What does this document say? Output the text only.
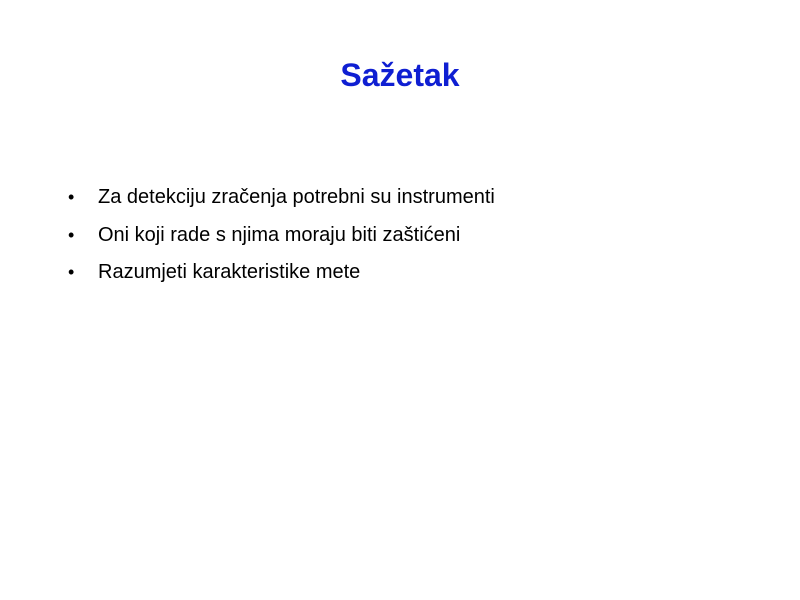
Sažetak
•	Za detekciju zračenja potrebni su instrumenti
•	Oni koji rade s njima moraju biti zaštićeni
•	Razumjeti karakteristike mete
